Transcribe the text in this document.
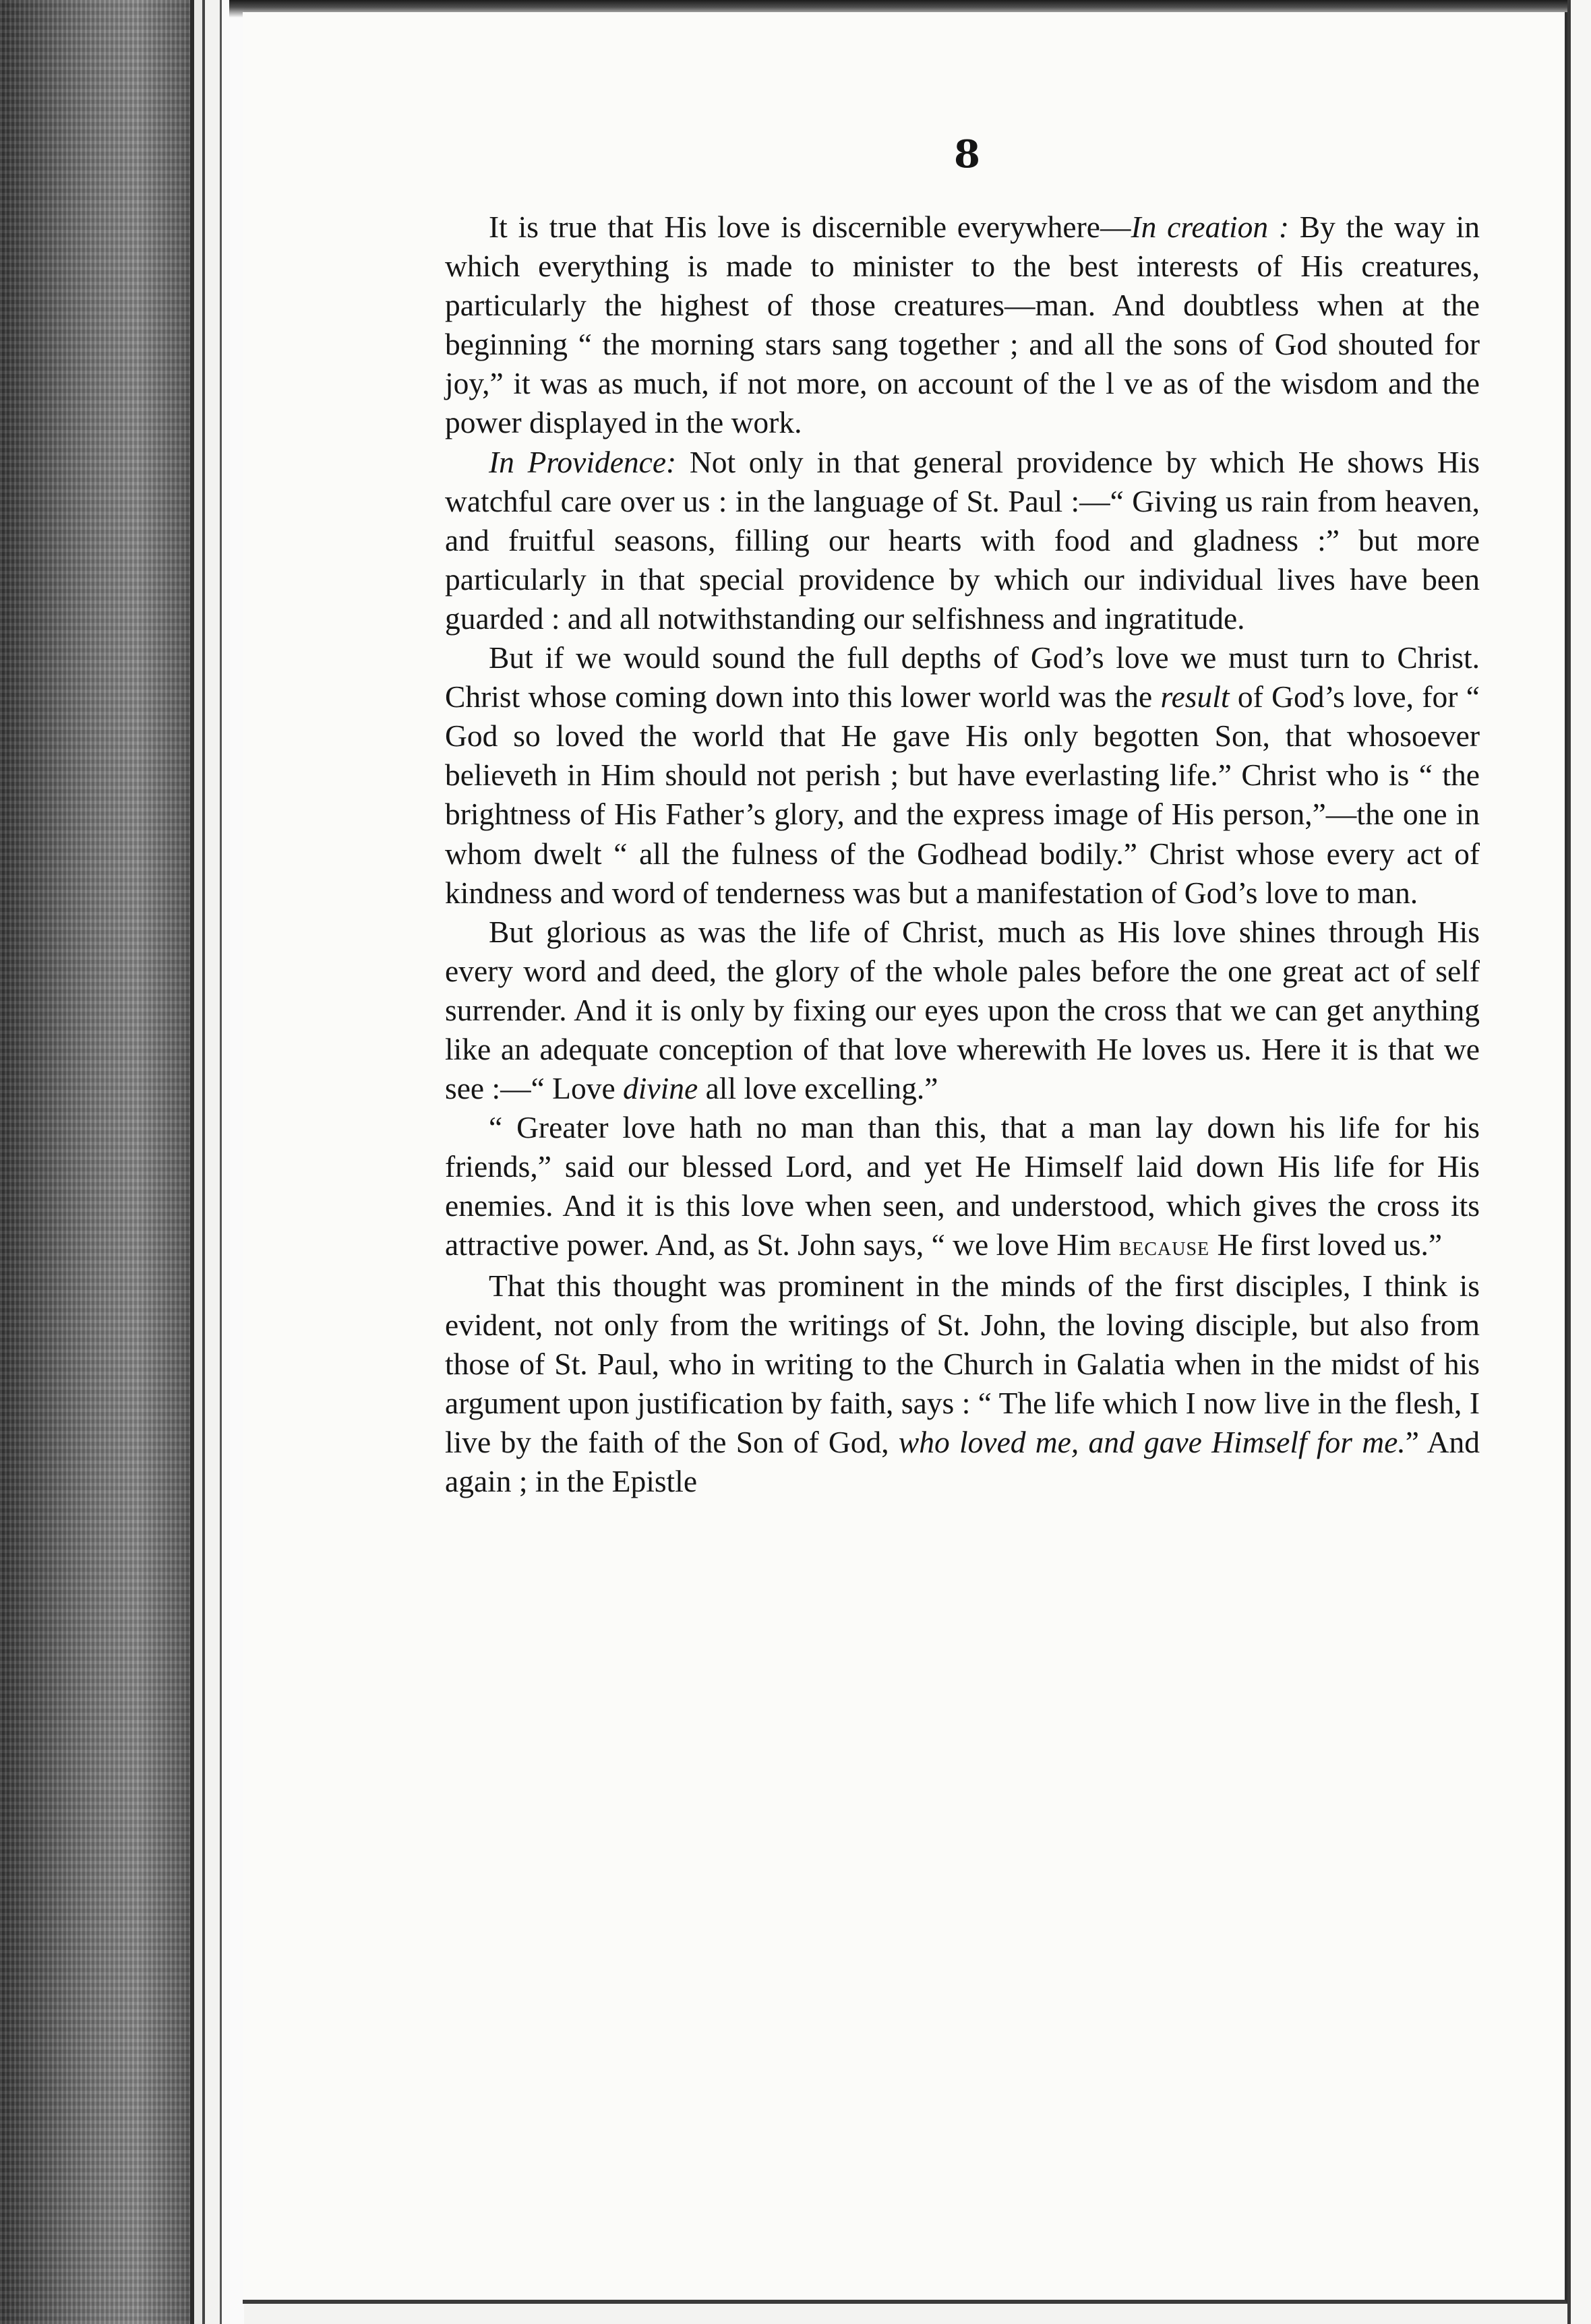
8

It is true that His love is discernible everywhere—In creation : By the way in which everything is made to minister to the best interests of His creatures, particularly the highest of those creatures—man. And doubtless when at the beginning “ the morning stars sang together ; and all the sons of God shouted for joy,” it was as much, if not more, on account of the l ve as of the wisdom and the power displayed in the work.

In Providence: Not only in that general providence by which He shows His watchful care over us : in the language of St. Paul :—“ Giving us rain from heaven, and fruitful seasons, filling our hearts with food and gladness :” but more particularly in that special providence by which our individual lives have been guarded : and all notwithstanding our selfishness and ingratitude.

But if we would sound the full depths of God’s love we must turn to Christ. Christ whose coming down into this lower world was the result of God’s love, for “ God so loved the world that He gave His only begotten Son, that whosoever believeth in Him should not perish ; but have everlasting life.” Christ who is “ the brightness of His Father’s glory, and the express image of His person,”—the one in whom dwelt “ all the fulness of the Godhead bodily.” Christ whose every act of kindness and word of tenderness was but a manifestation of God’s love to man.

But glorious as was the life of Christ, much as His love shines through His every word and deed, the glory of the whole pales before the one great act of self surrender. And it is only by fixing our eyes upon the cross that we can get anything like an adequate conception of that love wherewith He loves us. Here it is that we see :—“ Love divine all love excelling.”

“ Greater love hath no man than this, that a man lay down his life for his friends,” said our blessed Lord, and yet He Himself laid down His life for His enemies. And it is this love when seen, and understood, which gives the cross its attractive power. And, as St. John says, “ we love Him because He first loved us.”

That this thought was prominent in the minds of the first disciples, I think is evident, not only from the writings of St. John, the loving disciple, but also from those of St. Paul, who in writing to the Church in Galatia when in the midst of his argument upon justification by faith, says : “ The life which I now live in the flesh, I live by the faith of the Son of God, who loved me, and gave Himself for me.” And again ; in the Epistle
